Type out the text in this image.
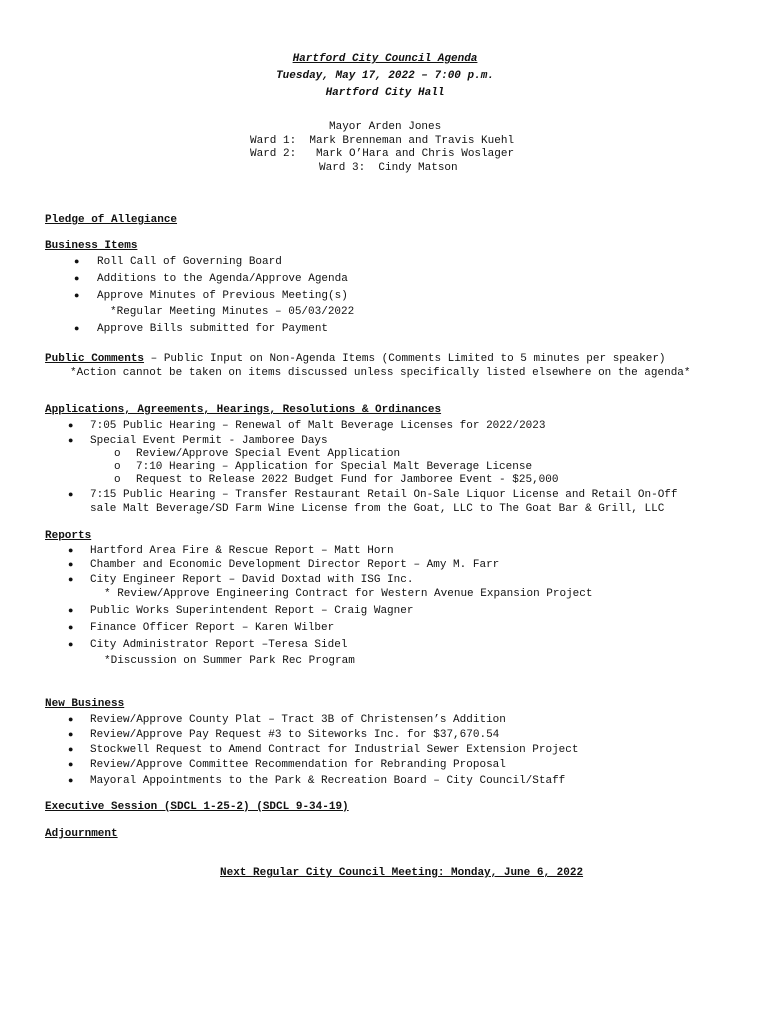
Hartford City Council Agenda
Tuesday, May 17, 2022 – 7:00 p.m.
Hartford City Hall
Mayor Arden Jones
Ward 1:  Mark Brenneman and Travis Kuehl
Ward 2:   Mark O’Hara and Chris Woslager
Ward 3:  Cindy Matson
Pledge of Allegiance
Business Items
● Roll Call of Governing Board
● Additions to the Agenda/Approve Agenda
● Approve Minutes of Previous Meeting(s)
*Regular Meeting Minutes – 05/03/2022
● Approve Bills submitted for Payment
Public Comments – Public Input on Non-Agenda Items (Comments Limited to 5 minutes per speaker)
*Action cannot be taken on items discussed unless specifically listed elsewhere on the agenda*
Applications, Agreements, Hearings, Resolutions & Ordinances
● 7:05 Public Hearing – Renewal of Malt Beverage Licenses for 2022/2023
● Special Event Permit - Jamboree Days
o Review/Approve Special Event Application
o 7:10 Hearing – Application for Special Malt Beverage License
o Request to Release 2022 Budget Fund for Jamboree Event - $25,000
● 7:15 Public Hearing – Transfer Restaurant Retail On-Sale Liquor License and Retail On-Off
sale Malt Beverage/SD Farm Wine License from the Goat, LLC to The Goat Bar & Grill, LLC
Reports
● Hartford Area Fire & Rescue Report – Matt Horn
● Chamber and Economic Development Director Report – Amy M. Farr
● City Engineer Report – David Doxtad with ISG Inc.
* Review/Approve Engineering Contract for Western Avenue Expansion Project
● Public Works Superintendent Report – Craig Wagner
● Finance Officer Report – Karen Wilber
● City Administrator Report –Teresa Sidel
*Discussion on Summer Park Rec Program
New Business
● Review/Approve County Plat – Tract 3B of Christensen’s Addition
● Review/Approve Pay Request #3 to Siteworks Inc. for $37,670.54
● Stockwell Request to Amend Contract for Industrial Sewer Extension Project
● Review/Approve Committee Recommendation for Rebranding Proposal
● Mayoral Appointments to the Park & Recreation Board – City Council/Staff
Executive Session (SDCL 1-25-2) (SDCL 9-34-19)
Adjournment
Next Regular City Council Meeting: Monday, June 6, 2022
